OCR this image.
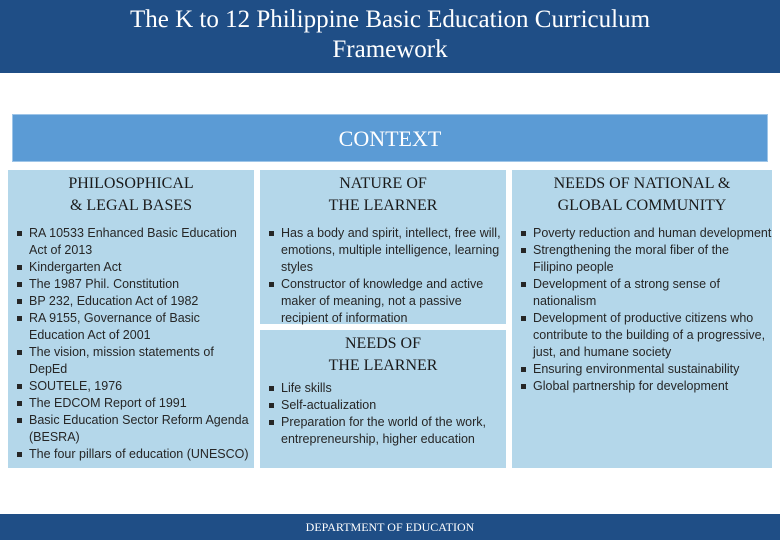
The K to 12 Philippine Basic Education Curriculum
Framework
CONTEXT
PHILOSOPHICAL
& LEGAL BASES
RA 10533 Enhanced Basic Education Act of 2013
Kindergarten Act
The 1987 Phil. Constitution
BP 232, Education Act of 1982
RA 9155, Governance of Basic Education Act of 2001
The vision, mission statements of DepEd
SOUTELE, 1976
The EDCOM Report of 1991
Basic Education Sector Reform Agenda (BESRA)
The four pillars of education (UNESCO)
NATURE OF
THE LEARNER
Has a body and spirit, intellect, free will, emotions, multiple intelligence, learning styles
Constructor of knowledge and active maker of meaning, not a passive recipient of information
NEEDS OF
THE LEARNER
Life skills
Self-actualization
Preparation for the world of the work, entrepreneurship, higher education
NEEDS OF NATIONAL &
GLOBAL COMMUNITY
Poverty reduction and human development
Strengthening the moral fiber of the Filipino people
Development of a strong sense of nationalism
Development of productive citizens who contribute to the building of a progressive, just, and humane society
Ensuring environmental sustainability
Global partnership for development
DEPARTMENT OF EDUCATION
